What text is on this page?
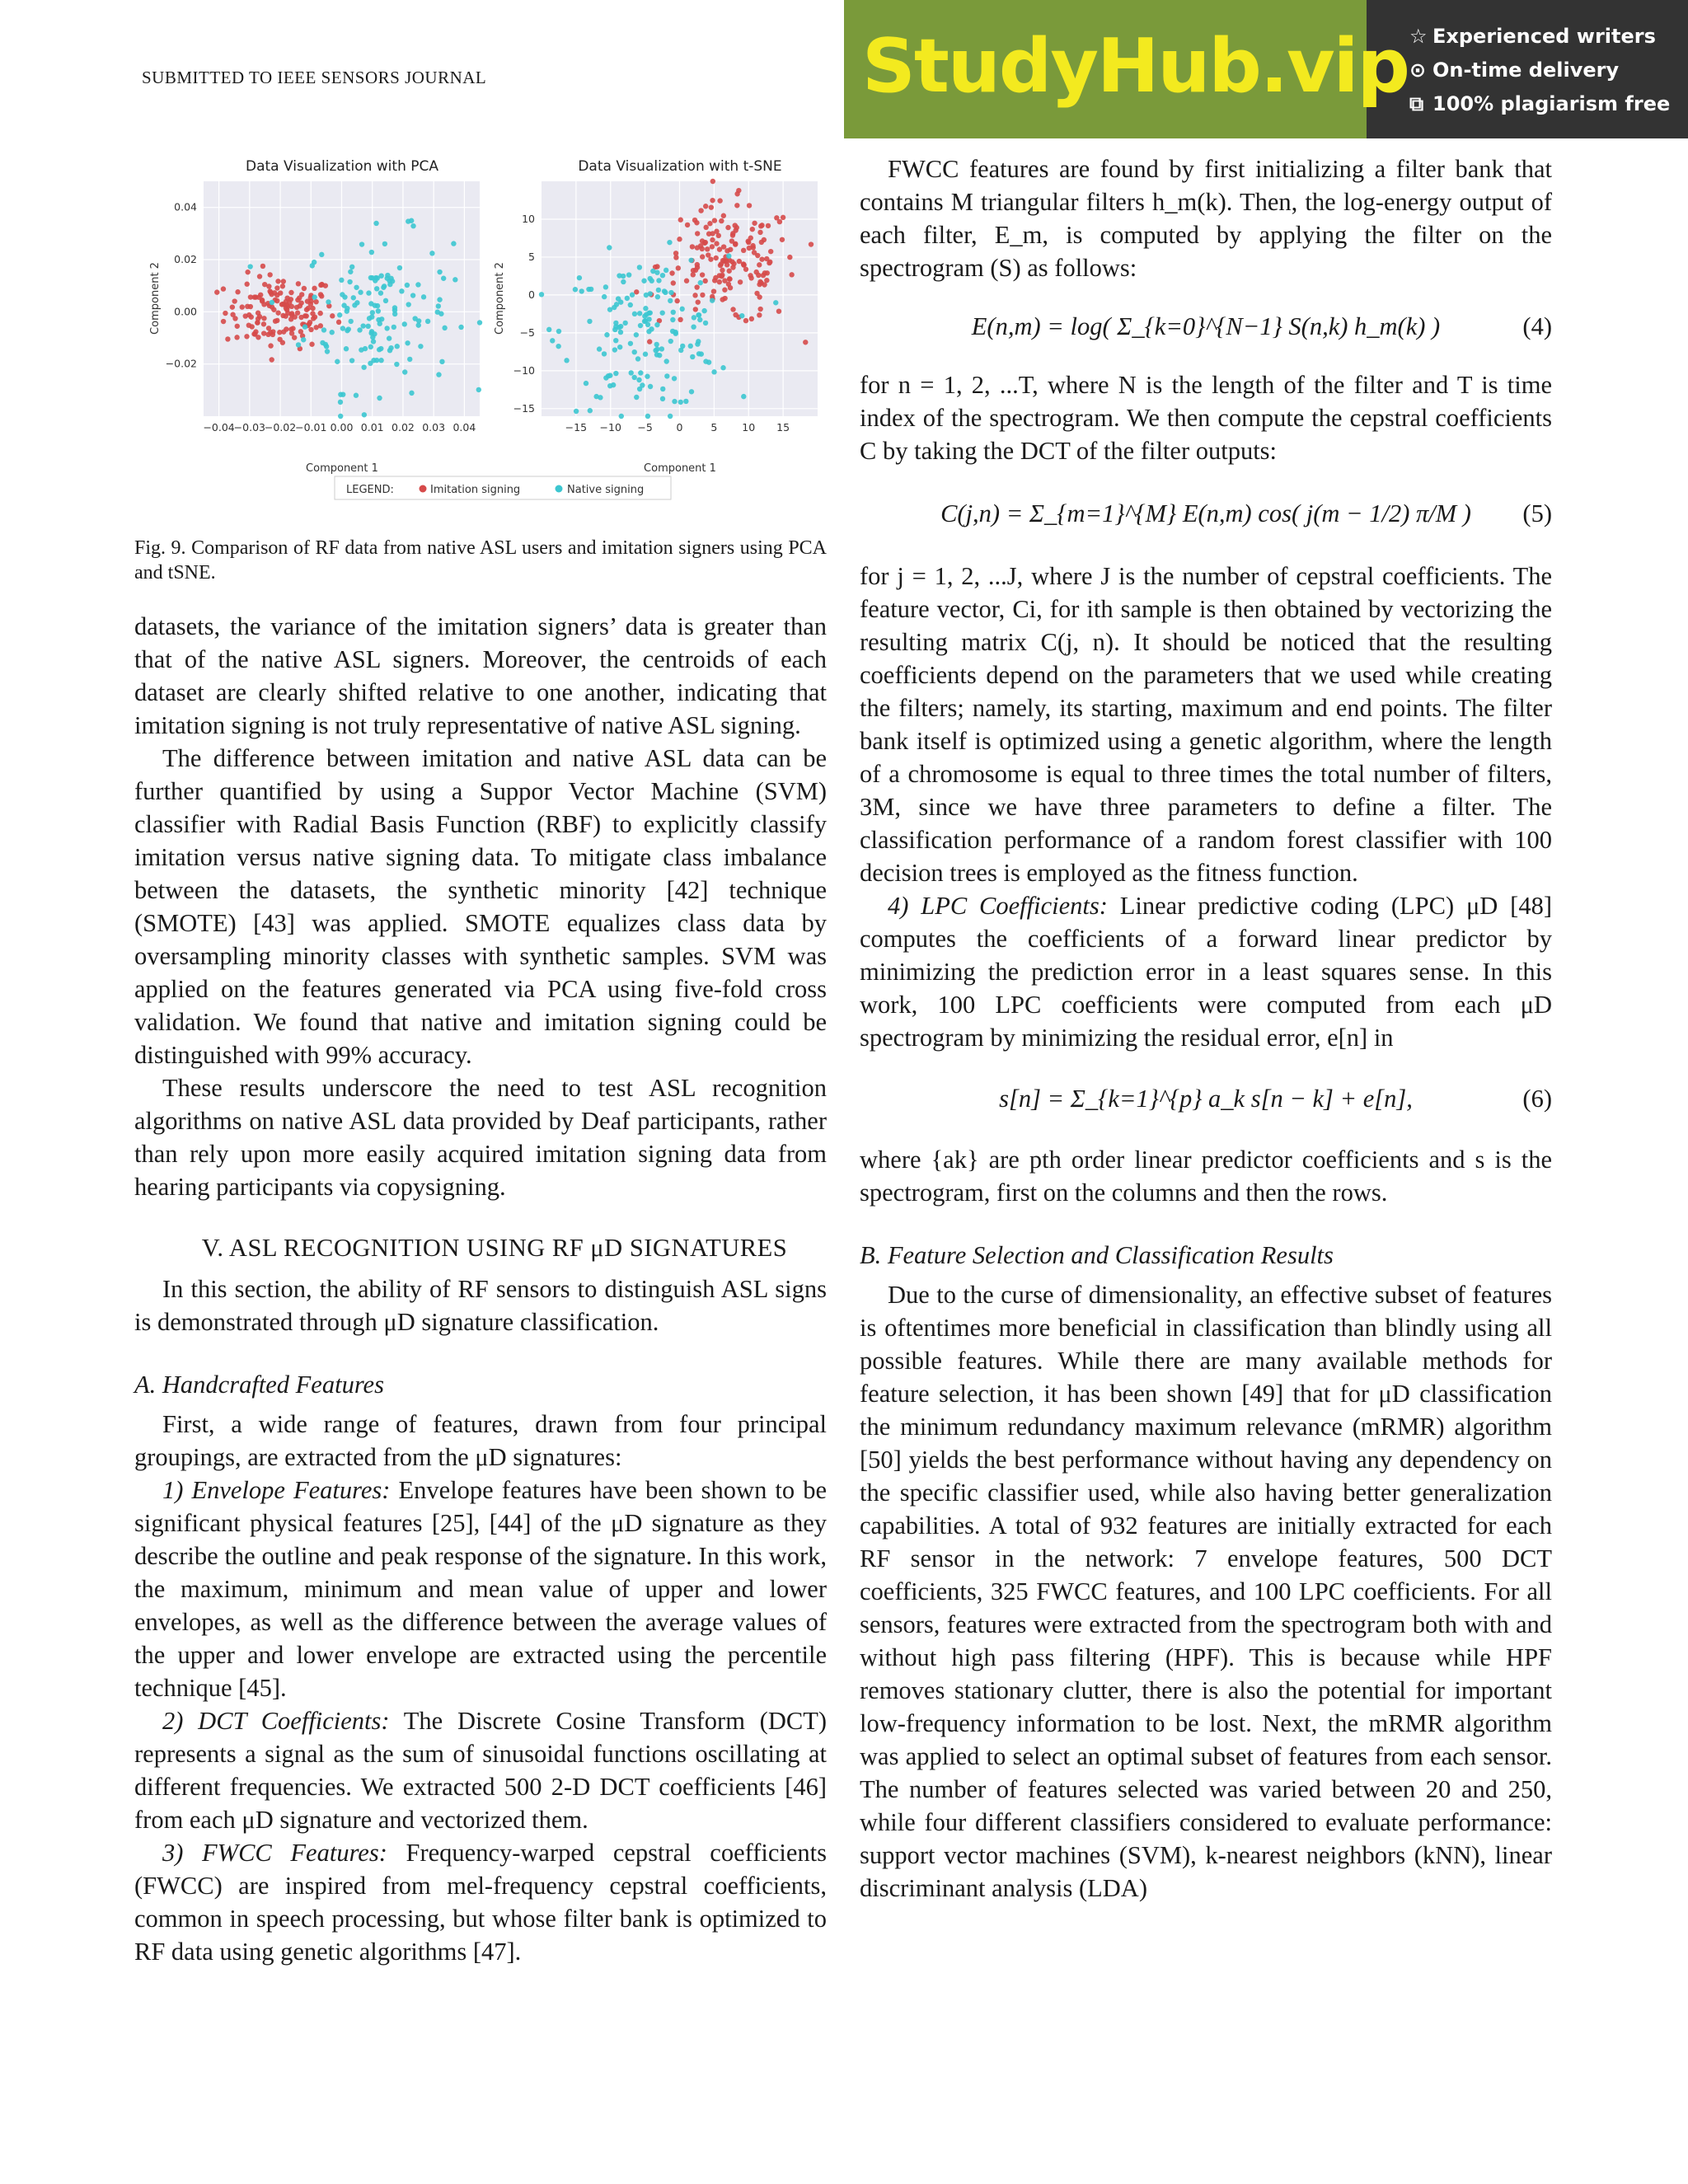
SUBMITTED TO IEEE SENSORS JOURNAL	StudyHub.vip ☆ Experienced writers
⊙ On-time delivery
⧉ 100% plagiarism free
Data Visualization with PCA	Data Visualization with t-SNE
−0.04
−0.03
−0.02
−0.01 0.00 0.01 0.02 0.03 0.04
−0.02
0.00
0.02
0.04
−15 −10 −5 0	5 10 15
−15
−10
−5
0
5
10
Component 1	Component 1
Component 2	Component 2
LEGEND:	Imitation signing	Native signing
Fig. 9. Comparison of RF data from native ASL users and imitation signers using PCA and tSNE.

datasets, the variance of the imitation signers’ data is greater than that of the native ASL signers. Moreover, the centroids of each dataset are clearly shifted relative to one another, indicating that imitation signing is not truly representative of native ASL signing.

The difference between imitation and native ASL data can be further quantified by using a Suppor Vector Machine (SVM) classifier with Radial Basis Function (RBF) to explicitly classify imitation versus native signing data. To mitigate class imbalance between the datasets, the synthetic minority [42] technique (SMOTE) [43] was applied. SMOTE equalizes class data by oversampling minority classes with synthetic samples. SVM was applied on the features generated via PCA using five-fold cross validation. We found that native and imitation signing could be distinguished with 99% accuracy.

These results underscore the need to test ASL recognition algorithms on native ASL data provided by Deaf participants, rather than rely upon more easily acquired imitation signing data from hearing participants via copysigning.

V. ASL RECOGNITION USING RF μD SIGNATURES

In this section, the ability of RF sensors to distinguish ASL signs is demonstrated through μD signature classification.

A. Handcrafted Features

First, a wide range of features, drawn from four principal groupings, are extracted from the μD signatures:

1) Envelope Features: Envelope features have been shown to be significant physical features [25], [44] of the μD signature as they describe the outline and peak response of the signature. In this work, the maximum, minimum and mean value of upper and lower envelopes, as well as the difference between the average values of the upper and lower envelope are extracted using the percentile technique [45].

2) DCT Coefficients: The Discrete Cosine Transform (DCT) represents a signal as the sum of sinusoidal functions oscillating at different frequencies. We extracted 500 2-D DCT coefficients [46] from each μD signature and vectorized them.

3) FWCC Features: Frequency-warped cepstral coefficients (FWCC) are inspired from mel-frequency cepstral coefficients, common in speech processing, but whose filter bank is optimized to RF data using genetic algorithms [47].

FWCC features are found by first initializing a filter bank that contains M triangular filters h_m(k). Then, the log-energy output of each filter, E_m, is computed by applying the filter on the spectrogram (S) as follows:

E(n,m) = log( Σ_{k=0}^{N−1} S(n,k) h_m(k) )	(4)

for n = 1, 2, ...T, where N is the length of the filter and T is time index of the spectrogram. We then compute the cepstral coefficients C by taking the DCT of the filter outputs:

C(j,n) = Σ_{m=1}^{M} E(n,m) cos( j(m − 1/2) π/M ) (5)

for j = 1, 2, ...J, where J is the number of cepstral coefficients. The feature vector, Ci, for ith sample is then obtained by vectorizing the resulting matrix C(j, n). It should be noticed that the resulting coefficients depend on the parameters that we used while creating the filters; namely, its starting, maximum and end points. The filter bank itself is optimized using a genetic algorithm, where the length of a chromosome is equal to three times the total number of filters, 3M, since we have three parameters to define a filter. The classification performance of a random forest classifier with 100 decision trees is employed as the fitness function.

4) LPC Coefficients: Linear predictive coding (LPC) μD [48] computes the coefficients of a forward linear predictor by minimizing the prediction error in a least squares sense. In this work, 100 LPC coefficients were computed from each μD spectrogram by minimizing the residual error, e[n] in

s[n] = Σ_{k=1}^{p} a_k s[n − k] + e[n],	(6)

where {ak} are pth order linear predictor coefficients and s is the spectrogram, first on the columns and then the rows.

B. Feature Selection and Classification Results

Due to the curse of dimensionality, an effective subset of features is oftentimes more beneficial in classification than blindly using all possible features. While there are many available methods for feature selection, it has been shown [49] that for μD classification the minimum redundancy maximum relevance (mRMR) algorithm [50] yields the best performance without having any dependency on the specific classifier used, while also having better generalization capabilities. A total of 932 features are initially extracted for each RF sensor in the network: 7 envelope features, 500 DCT coefficients, 325 FWCC features, and 100 LPC coefficients. For all sensors, features were extracted from the spectrogram both with and without high pass filtering (HPF). This is because while HPF removes stationary clutter, there is also the potential for important low-frequency information to be lost. Next, the mRMR algorithm was applied to select an optimal subset of features from each sensor. The number of features selected was varied between 20 and 250, while four different classifiers considered to evaluate performance: support vector machines (SVM), k-nearest neighbors (kNN), linear discriminant analysis (LDA)
